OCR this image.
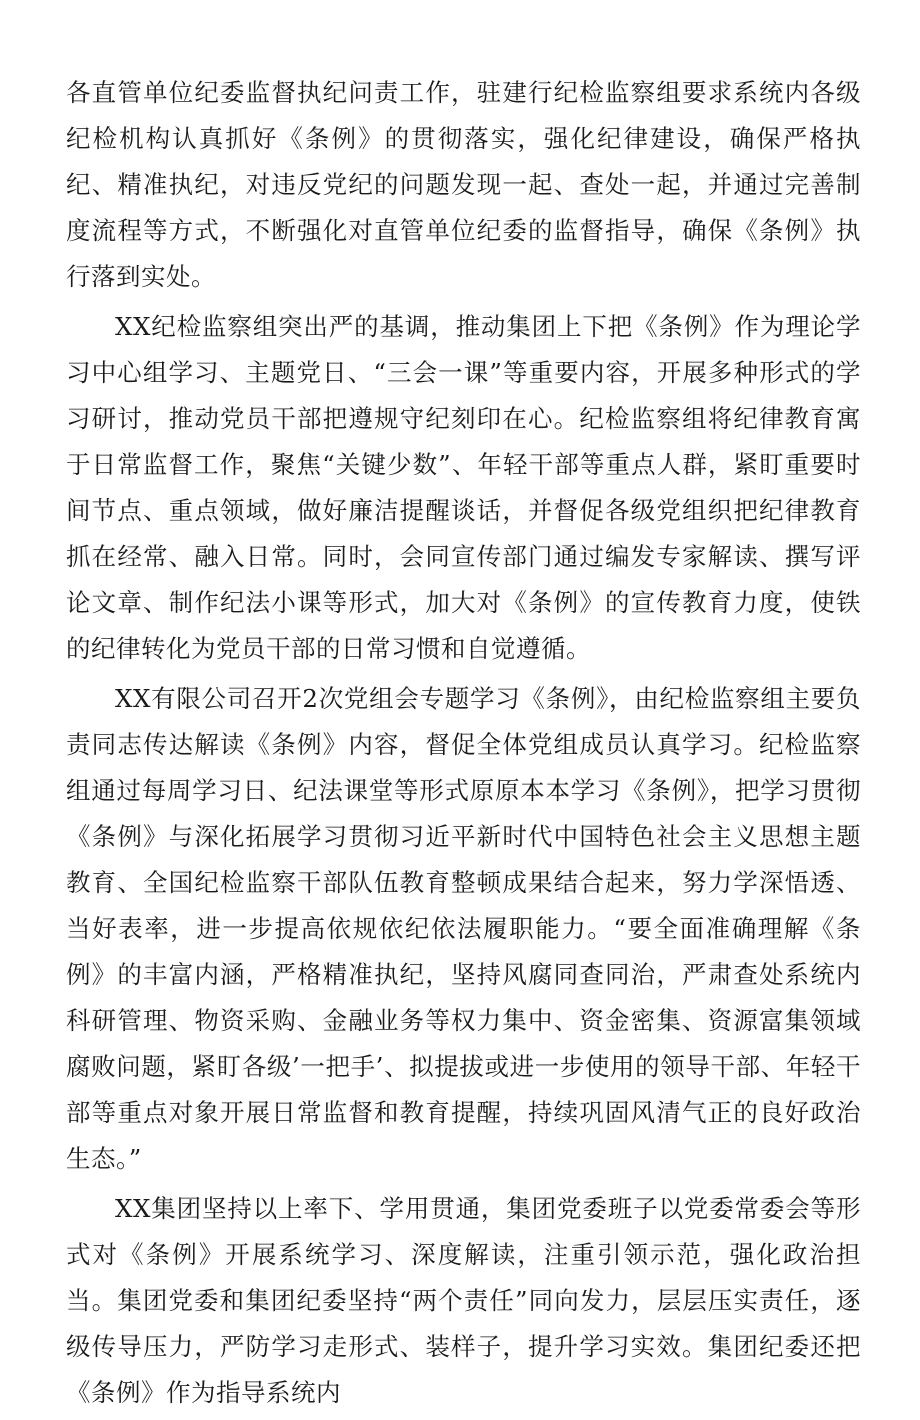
各直管单位纪委监督执纪问责工作，驻建行纪检监察组要求系统内各级纪检机构认真抓好《条例》的贯彻落实，强化纪律建设，确保严格执纪、精准执纪，对违反党纪的问题发现一起、查处一起，并通过完善制度流程等方式，不断强化对直管单位纪委的监督指导，确保《条例》执行落到实处。

XX纪检监察组突出严的基调，推动集团上下把《条例》作为理论学习中心组学习、主题党日、“三会一课”等重要内容，开展多种形式的学习研讨，推动党员干部把遵规守纪刻印在心。纪检监察组将纪律教育寓于日常监督工作，聚焦“关键少数”、年轻干部等重点人群，紧盯重要时间节点、重点领域，做好廉洁提醒谈话，并督促各级党组织把纪律教育抓在经常、融入日常。同时，会同宣传部门通过编发专家解读、撰写评论文章、制作纪法小课等形式，加大对《条例》的宣传教育力度，使铁的纪律转化为党员干部的日常习惯和自觉遵循。

XX有限公司召开2次党组会专题学习《条例》，由纪检监察组主要负责同志传达解读《条例》内容，督促全体党组成员认真学习。纪检监察组通过每周学习日、纪法课堂等形式原原本本学习《条例》，把学习贯彻《条例》与深化拓展学习贯彻习近平新时代中国特色社会主义思想主题教育、全国纪检监察干部队伍教育整顿成果结合起来，努力学深悟透、当好表率，进一步提高依规依纪依法履职能力。“要全面准确理解《条例》的丰富内涵，严格精准执纪，坚持风腐同查同治，严肃查处系统内科研管理、物资采购、金融业务等权力集中、资金密集、资源富集领域腐败问题，紧盯各级’一把手’、拟提拔或进一步使用的领导干部、年轻干部等重点对象开展日常监督和教育提醒，持续巩固风清气正的良好政治生态。”

XX集团坚持以上率下、学用贯通，集团党委班子以党委常委会等形式对《条例》开展系统学习、深度解读，注重引领示范，强化政治担当。集团党委和集团纪委坚持“两个责任”同向发力，层层压实责任，逐级传导压力，严防学习走形式、装样子，提升学习实效。集团纪委还把《条例》作为指导系统内
